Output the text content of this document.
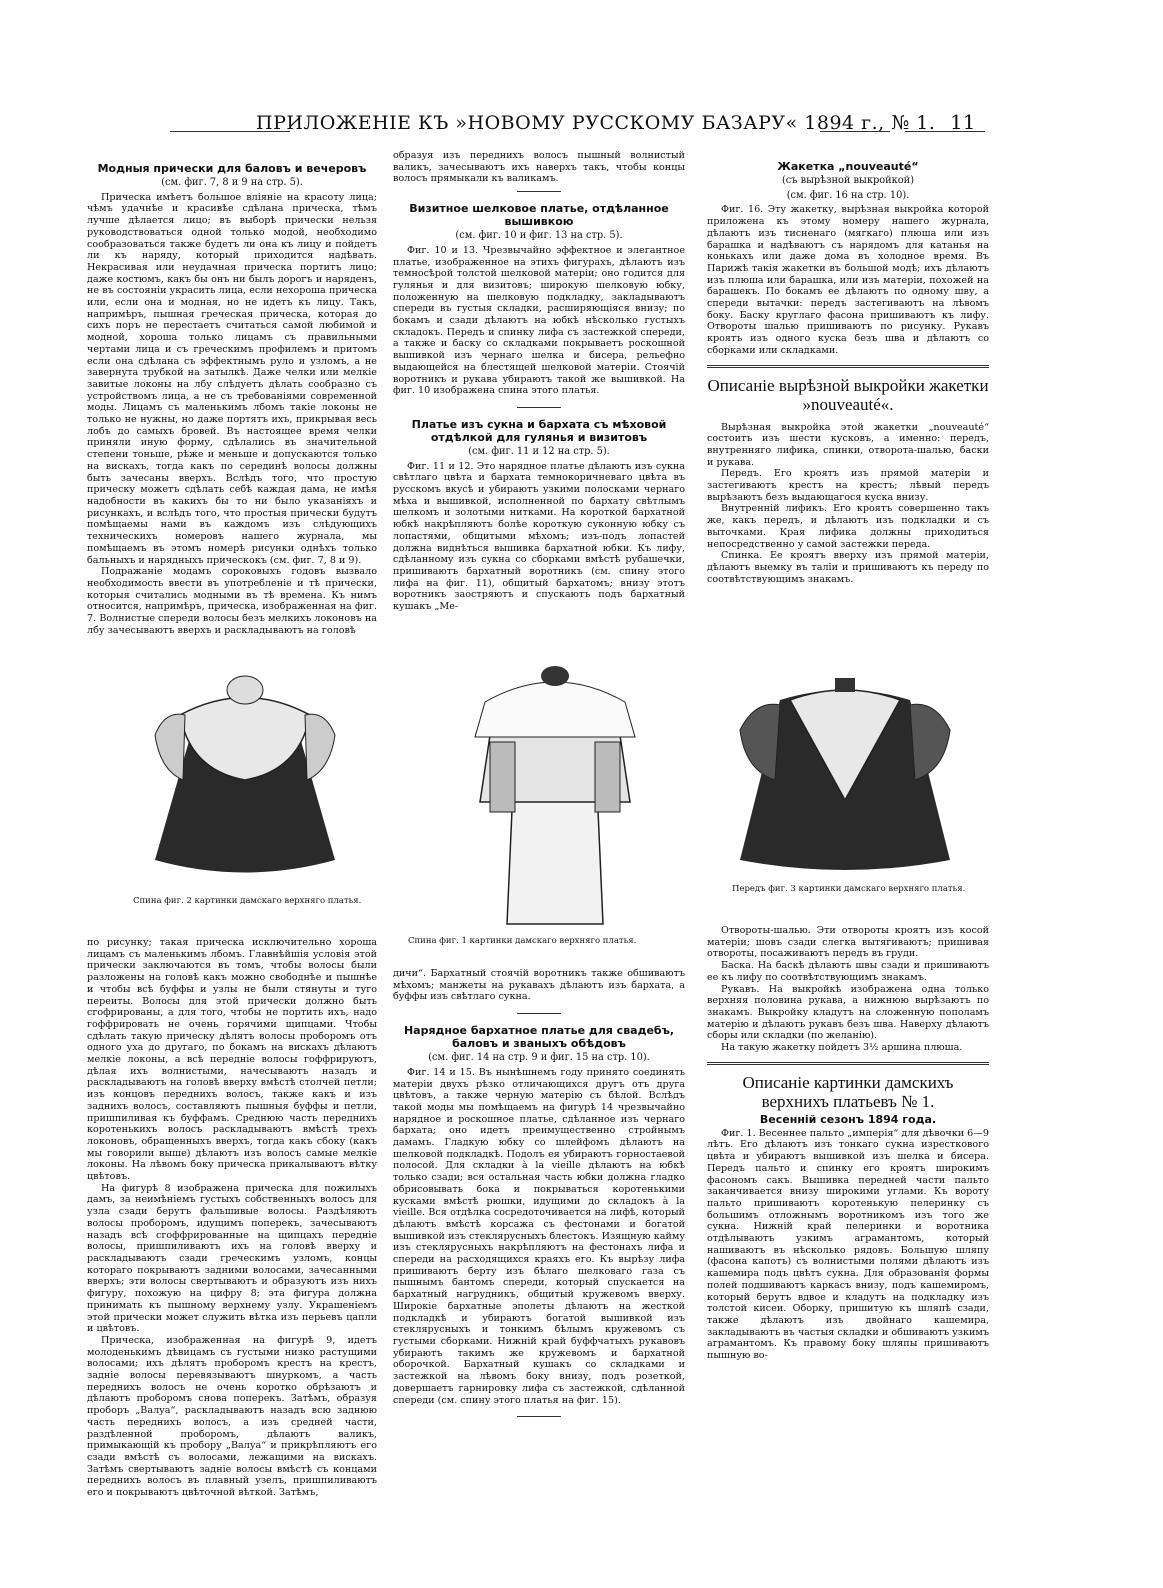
ПРИЛОЖЕНІЕ КЪ »НОВОМУ РУССКОМУ БАЗАРУ« 1894 г., № 1. 11
Модныя прически для баловъ и вечеровъ
(см. фиг. 7, 8 и 9 на стр. 5).

Прическа имѣетъ большое вліяніе на красоту лица; чѣмъ удачнѣе и красивѣе сдѣлана прическа, тѣмъ лучше дѣлается лицо; въ выборѣ прически нельзя руководствоваться одной только модой, необходимо сообразоваться также будетъ ли она къ лицу и пойдетъ ли къ наряду, который приходится надѣвать. Некрасивая или неудачная прическа портитъ лицо; даже костюмъ, какъ бы онъ ни былъ дорогъ и наряденъ, не въ состояніи украсить лица, если нехороша прическа или, если она и модная, но не идетъ къ лицу. Такъ, напримѣръ, пышная греческая прическа, которая до сихъ поръ не перестаетъ считаться самой любимой и модной, хороша только лицамъ съ правильными чертами лица и съ греческимъ профилемъ и притомъ если она сдѣлана съ эффектнымъ руло и узломъ, а не завернута трубкой на затылкѣ. Даже челки или мелкіе завитые локоны на лбу слѣдуетъ дѣлать сообразно съ устройствомъ лица, а не съ требованіями современной моды. Лицамъ съ маленькимъ лбомъ такіе локоны не только не нужны, но даже портятъ ихъ, прикрывая весь лобъ до самыхъ бровей. Въ настоящее время челки приняли иную форму, сдѣлались въ значительной степени тоньше, рѣже и меньше и допускаются только на вискахъ, тогда какъ по серединѣ волосы должны быть зачесаны вверхъ. Вслѣдъ того, что простую прическу можетъ сдѣлать себѣ каждая дама, не имѣя надобности въ какихъ бы то ни было указаніяхъ и рисункахъ, и вслѣдъ того, что простыя прически будутъ помѣщаемы нами въ каждомъ изъ слѣдующихъ техническихъ номеровъ нашего журнала, мы помѣщаемъ въ этомъ номерѣ рисунки однѣхъ только бальныхъ и нарядныхъ прическокъ (см. фиг. 7, 8 и 9).

Подражаніе модамъ сороковыхъ годовъ вызвало необходимость ввести въ употребленіе и тѣ прически, которыя считались модными въ тѣ времена. Къ нимъ относится, напримѣръ, прическа, изображенная на фиг. 7. Волнистые спереди волосы безъ мелкихъ локоновъ на лбу зачесываютъ вверхъ и раскладываютъ на головѣ

образуя изъ переднихъ волосъ пышный волнистый валикъ, зачесываютъ ихъ наверхъ такъ, чтобы концы волосъ прямыкали къ валикамъ.

Визитное шелковое платье, отдѣланное вышивкою
(см. фиг. 10 и фиг. 13 на стр. 5).

Фиг. 10 и 13. Чрезвычайно эффектное и элегантное платье, изображенное на этихъ фигурахъ, дѣлаютъ изъ темносѣрой толстой шелковой матеріи; оно годится для гулянья и для визитовъ; широкую шелковую юбку, положенную на шелковую подкладку, закладываютъ спереди въ густыя складки, расширяющіяся внизу; по бокамъ и сзади дѣлаютъ на юбкѣ нѣсколько густыхъ складокъ. Передъ и спинку лифа съ застежкой спереди, а также и баску со складками покрываетъ роскошной вышивкой изъ чернаго шелка и бисера, рельефно выдающейся на блестящей шелковой матеріи. Стоячій воротникъ и рукава убираютъ такой же вышивкой. На фиг. 10 изображена спина этого платья.

Платье изъ сукна и бархата съ мѣховой отдѣлкой для гулянья и визитовъ
(см. фиг. 11 и 12 на стр. 5).

Фиг. 11 и 12. Это нарядное платье дѣлаютъ изъ сукна свѣтлаго цвѣта и бархата темнокоричневаго цвѣта въ русскомъ вкусѣ и убираютъ узкими полосками чернаго мѣха и вышивкой, исполненной по бархату свѣтлымъ шелкомъ и золотыми нитками. На короткой бархатной юбкѣ накрѣпляютъ болѣе короткую суконную юбку съ лопастями, общитыми мѣхомъ; изъ-подъ лопастей должна виднѣться вышивка бархатной юбки. Къ лифу, сдѣланному изъ сукна со сборками вмѣстѣ рубашечки, пришиваютъ бархатный воротникъ (см. спину этого лифа на фиг. 11), общитый бархатомъ; внизу этотъ воротникъ заостряютъ и спускаютъ подъ бархатный кушакъ „Ме-

Жакетка „nouveauté“
(съ вырѣзной выкройкой)
(см. фиг. 16 на стр. 10).

Фиг. 16. Эту жакетку, вырѣзная выкройка которой приложена къ этому номеру нашего журнала, дѣлаютъ изъ тисненаго (мягкаго) плюша или изъ барашка и надѣваютъ съ нарядомъ для катанья на конькахъ или даже дома въ холодное время. Въ Парижѣ такія жакетки въ большой модѣ; ихъ дѣлаютъ изъ плюша или барашка, или изъ матеріи, похожей на барашекъ. По бокамъ ее дѣлаютъ по одному шву, а спереди вытачки: передъ застегиваютъ на лѣвомъ боку. Баску круглаго фасона пришиваютъ къ лифу. Отвороты шалью пришиваютъ по рисунку. Рукавъ кроятъ изъ одного куска безъ шва и дѣлаютъ со сборками или складками.

Описаніе вырѣзной выкройки жакетки »nouveauté«.

Вырѣзная выкройка этой жакетки „nouveauté“ состоитъ изъ шести кусковъ, а именно: передъ, внутренняго лифика, спинки, отворота-шалью, баски и рукава.

Передъ. Его кроятъ изъ прямой матеріи и застегиваютъ крестъ на крестъ; лѣвый передъ вырѣзаютъ безъ выдающагося куска внизу.

Внутренній лификъ. Его кроятъ совершенно такъ же, какъ передъ, и дѣлаютъ изъ подкладки и съ выточками. Края лифика должны приходиться непосредственно у самой застежки переда.

Спинка. Ее кроятъ вверху изъ прямой матеріи, дѣлаютъ выемку въ таліи и пришиваютъ къ переду по соотвѣтствующимъ знакамъ.

Спина фиг. 2 картинки дамскаго верхняго платья.
Спина фиг. 1 картинки дамскаго верхняго платья.
Передъ фиг. 3 картинки дамскаго верхняго платья.

по рисунку; такая прическа исключительно хороша лицамъ съ маленькимъ лбомъ. Главнѣйшія условія этой прически заключаются въ томъ, чтобы волосы были разложены на головѣ какъ можно свободнѣе и пышнѣе и чтобы всѣ буффы и узлы не были стянуты и туго переиты. Волосы для этой прически должно быть сгофрированы, а для того, чтобы не портить ихъ, надо гоффрировать не очень горячими щипцами. Чтобы сдѣлать такую прическу дѣлятъ волосы проборомъ отъ одного уха до другаго, по бокамъ на вискахъ дѣлаютъ мелкіе локоны, а всѣ передніе волосы гоффрируютъ, дѣлая ихъ волнистыми, начесываютъ назадъ и раскладываютъ на головѣ вверху вмѣстѣ столчей петли; изъ концовъ переднихъ волосъ, также какъ и изъ заднихъ волосъ, составляютъ пышныя буффы и петли, пришпиливая къ буффамъ. Среднюю часть переднихъ коротенькихъ волосъ раскладываютъ вмѣстѣ трехъ локоновъ, обращенныхъ вверхъ, тогда какъ сбоку (какъ мы говорили выше) дѣлаютъ изъ волосъ самые мелкіе локоны. На лѣвомъ боку прическа прикалываютъ вѣтку цвѣтовъ.

На фигурѣ 8 изображена прическа для пожилыхъ дамъ, за неимѣніемъ густыхъ собственныхъ волосъ для узла сзади берутъ фальшивые волосы. Раздѣляютъ волосы проборомъ, идущимъ поперекъ, зачесываютъ назадъ всѣ сгоффрированные на щипцахъ передніе волосы, пришпиливаютъ ихъ на головѣ вверху и раскладываютъ сзади греческимъ узломъ, концы котораго покрываютъ задними волосами, зачесанными вверхъ; эти волосы свертываютъ и образуютъ изъ нихъ фигуру, похожую на цифру 8; эта фигура должна принимать къ пышному верхнему узлу. Украшеніемъ этой прически может служить вѣтка изъ перьевъ цапли и цвѣтовъ.

Прическа, изображенная на фигурѣ 9, идетъ молоденькимъ дѣвицамъ съ густыми низко растущими волосами; ихъ дѣлятъ проборомъ крестъ на крестъ, задніе волосы перевязываютъ шнуркомъ, а часть переднихъ волосъ не очень коротко обрѣзаютъ и дѣлаютъ проборомъ снова поперекъ. Затѣмъ, образуя проборъ „Валуа“, раскладываютъ назадъ всю заднюю часть переднихъ волосъ, а изъ средней части, раздѣленной проборомъ, дѣлаютъ валикъ, примыкающій къ пробору „Валуа“ и прикрѣпляютъ его сзади вмѣстѣ съ волосами, лежащими на вискахъ. Затѣмъ свертываютъ задніе волосы вмѣстѣ съ концами переднихъ волосъ въ плавный узелъ, пришпиливаютъ его и покрываютъ цвѣточной вѣткой. Затѣмъ,

дичи“. Бархатный стоячій воротникъ также обшиваютъ мѣхомъ; манжеты на рукавахъ дѣлаютъ изъ бархата, а буффы изъ свѣтлаго сукна.

Нарядное бархатное платье для свадебъ, баловъ и званыхъ обѣдовъ
(см. фиг. 14 на стр. 9 и фиг. 15 на стр. 10).

Фиг. 14 и 15. Въ нынѣшнемъ году принято соединять матеріи двухъ рѣзко отличающихся другъ отъ друга цвѣтовъ, а также черную матерію съ бѣлой. Вслѣдъ такой моды мы помѣщаемъ на фигурѣ 14 чрезвычайно нарядное и роскошное платье, сдѣланное изъ чернаго бархата; оно идетъ преимущественно стройнымъ дамамъ. Гладкую юбку со шлейфомъ дѣлаютъ на шелковой подкладкѣ. Подолъ ея убираютъ горностаевой полосой. Для складки à la vieille дѣлаютъ на юбкѣ только сзади; вся остальная часть юбки должна гладко обрисовывать бока и покрываться коротенькими кусками вмѣстѣ рюшки, идущими до складокъ à la vieille. Вся отдѣлка сосредоточивается на лифѣ, который дѣлаютъ вмѣстѣ корсажа съ фестонами и богатой вышивкой изъ стеклярусныхъ блестокъ. Изящную кайму изъ стеклярусныхъ накрѣпляютъ на фестонахъ лифа и спереди на расходящихся краяхъ его. Къ вырѣзу лифа пришиваютъ берту изъ бѣлаго шелковаго газа съ пышнымъ бантомъ спереди, который спускается на бархатный нагрудникъ, общитый кружевомъ вверху. Широкіе бархатные эполеты дѣлаютъ на жесткой подкладкѣ и убираютъ богатой вышивкой изъ стеклярусныхъ и тонкимъ бѣлымъ кружевомъ съ густыми сборками. Нижній край буффчатыхъ рукавовъ убираютъ такимъ же кружевомъ и бархатной оборочкой. Бархатный кушакъ со складками и застежкой на лѣвомъ боку внизу, подъ розеткой, довершаетъ гарнировку лифа съ застежкой, сдѣланной спереди (см. спину этого платья на фиг. 15).

Отвороты-шалью. Эти отвороты кроятъ изъ косой матеріи; шовъ сзади слегка вытягиваютъ; пришивая отвороты, посаживаютъ передъ въ груди.

Баска. На баскѣ дѣлаютъ швы сзади и пришиваютъ ее къ лифу по соотвѣтствующимъ знакамъ.

Рукавъ. На выкройкѣ изображена одна только верхняя половина рукава, а нижнюю вырѣзаютъ по знакамъ. Выкройку кладутъ на сложенную пополамъ матерію и дѣлаютъ рукавъ безъ шва. Наверху дѣлаютъ сборы или складки (по желанію).

На такую жакетку пойдетъ 3½ аршина плюша.

Описаніе картинки дамскихъ верхнихъ платьевъ № 1.
Весенній сезонъ 1894 года.

Фиг. 1. Весеннее пальто „имперія“ для дѣвочки 6—9 лѣтъ. Его дѣлаютъ изъ тонкаго сукна изресткового цвѣта и убираютъ вышивкой изъ шелка и бисера. Передъ пальто и спинку его кроятъ широкимъ фасономъ сакъ. Вышивка передней части пальто заканчивается внизу широкими углами. Къ вороту пальто пришиваютъ коротенькую пелеринку съ большимъ отложнымъ воротникомъ изъ того же сукна. Нижній край пелеринки и воротника отдѣлываютъ узкимъ аграмантомъ, который нашиваютъ въ нѣсколько рядовъ. Большую шляпу (фасона капотъ) съ волнистыми полями дѣлаютъ изъ кашемира подъ цвѣтъ сукна. Для образованія формы полей подшиваютъ каркасъ внизу, подъ кашемиромъ, который берутъ вдвое и кладутъ на подкладку изъ толстой кисеи. Оборку, пришитую къ шляпѣ сзади, также дѣлаютъ изъ двойнаго кашемира, закладываютъ въ частыя складки и обшиваютъ узкимъ аграмантомъ. Къ правому боку шляпы пришиваютъ пышную во-
